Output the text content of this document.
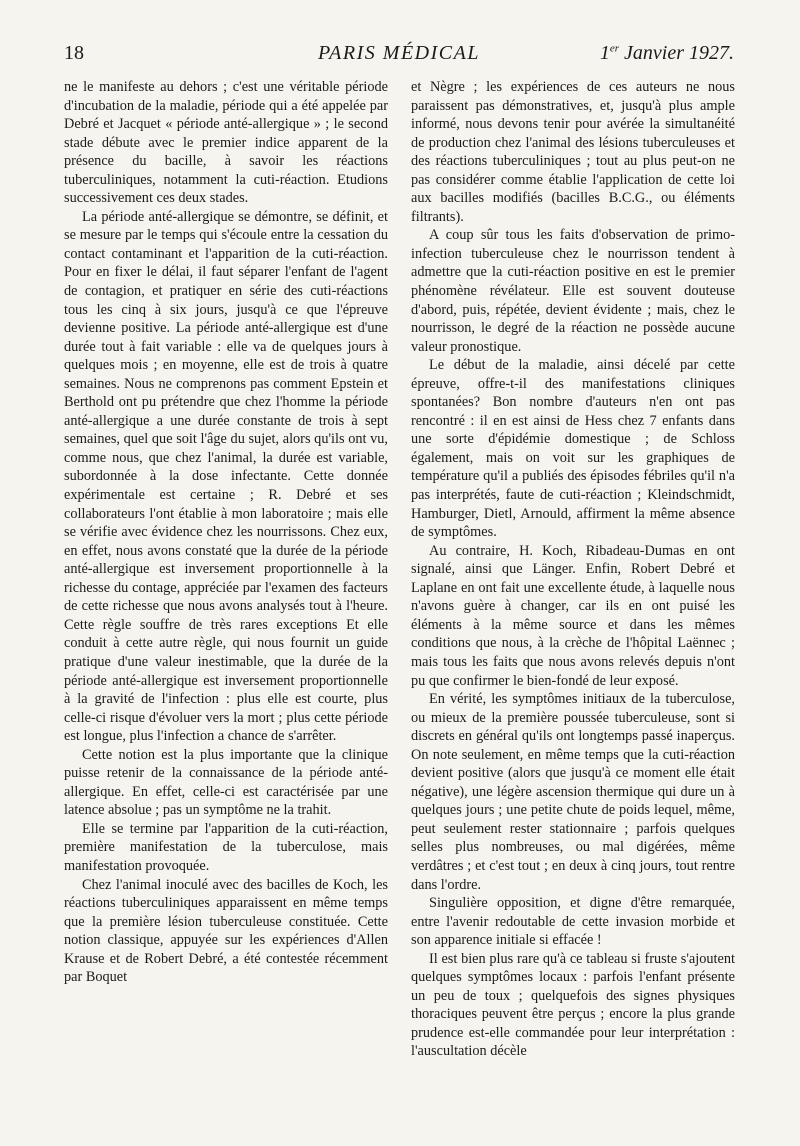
18	PARIS MÉDICAL	1er Janvier 1927.

ne le manifeste au dehors ; c'est une véritable période d'incubation de la maladie, période qui a été appelée par Debré et Jacquet « période anté-allergique » ; le second stade débute avec le premier indice apparent de la présence du bacille, à savoir les réactions tuberculiniques, notamment la cuti-réaction. Etudions successivement ces deux stades.

La période anté-allergique se démontre, se définit, et se mesure par le temps qui s'écoule entre la cessation du contact contaminant et l'apparition de la cuti-réaction. Pour en fixer le délai, il faut séparer l'enfant de l'agent de contagion, et pratiquer en série des cuti-réactions tous les cinq à six jours, jusqu'à ce que l'épreuve devienne positive. La période anté-allergique est d'une durée tout à fait variable : elle va de quelques jours à quelques mois ; en moyenne, elle est de trois à quatre semaines. Nous ne comprenons pas comment Epstein et Berthold ont pu prétendre que chez l'homme la période anté-allergique a une durée constante de trois à sept semaines, quel que soit l'âge du sujet, alors qu'ils ont vu, comme nous, que chez l'animal, la durée est variable, subordonnée à la dose infectante. Cette donnée expérimentale est certaine ; R. Debré et ses collaborateurs l'ont établie à mon laboratoire ; mais elle se vérifie avec évidence chez les nourrissons. Chez eux, en effet, nous avons constaté que la durée de la période anté-allergique est inversement proportionnelle à la richesse du contage, appréciée par l'examen des facteurs de cette richesse que nous avons analysés tout à l'heure. Cette règle souffre de très rares exceptions Et elle conduit à cette autre règle, qui nous fournit un guide pratique d'une valeur inestimable, que la durée de la période anté-allergique est inversement proportionnelle à la gravité de l'infection : plus elle est courte, plus celle-ci risque d'évoluer vers la mort ; plus cette période est longue, plus l'infection a chance de s'arrêter.

Cette notion est la plus importante que la clinique puisse retenir de la connaissance de la période anté-allergique. En effet, celle-ci est caractérisée par une latence absolue ; pas un symptôme ne la trahit.

Elle se termine par l'apparition de la cuti-réaction, première manifestation de la tuberculose, mais manifestation provoquée.

Chez l'animal inoculé avec des bacilles de Koch, les réactions tuberculiniques apparaissent en même temps que la première lésion tuberculeuse constituée. Cette notion classique, appuyée sur les expériences d'Allen Krause et de Robert Debré, a été contestée récemment par Boquet

et Nègre ; les expériences de ces auteurs ne nous paraissent pas démonstratives, et, jusqu'à plus ample informé, nous devons tenir pour avérée la simultanéité de production chez l'animal des lésions tuberculeuses et des réactions tuberculiniques ; tout au plus peut-on ne pas considérer comme établie l'application de cette loi aux bacilles modifiés (bacilles B.C.G., ou éléments filtrants).

A coup sûr tous les faits d'observation de primo-infection tuberculeuse chez le nourrisson tendent à admettre que la cuti-réaction positive en est le premier phénomène révélateur. Elle est souvent douteuse d'abord, puis, répétée, devient évidente ; mais, chez le nourrisson, le degré de la réaction ne possède aucune valeur pronostique.

Le début de la maladie, ainsi décelé par cette épreuve, offre-t-il des manifestations cliniques spontanées? Bon nombre d'auteurs n'en ont pas rencontré : il en est ainsi de Hess chez 7 enfants dans une sorte d'épidémie domestique ; de Schloss également, mais on voit sur les graphiques de température qu'il a publiés des épisodes fébriles qu'il n'a pas interprétés, faute de cuti-réaction ; Kleindschmidt, Hamburger, Dietl, Arnould, affirment la même absence de symptômes.

Au contraire, H. Koch, Ribadeau-Dumas en ont signalé, ainsi que Länger. Enfin, Robert Debré et Laplane en ont fait une excellente étude, à laquelle nous n'avons guère à changer, car ils en ont puisé les éléments à la même source et dans les mêmes conditions que nous, à la crèche de l'hôpital Laënnec ; mais tous les faits que nous avons relevés depuis n'ont pu que confirmer le bien-fondé de leur exposé.

En vérité, les symptômes initiaux de la tuberculose, ou mieux de la première poussée tuberculeuse, sont si discrets en général qu'ils ont longtemps passé inaperçus. On note seulement, en même temps que la cuti-réaction devient positive (alors que jusqu'à ce moment elle était négative), une légère ascension thermique qui dure un à quelques jours ; une petite chute de poids lequel, même, peut seulement rester stationnaire ; parfois quelques selles plus nombreuses, ou mal digérées, même verdâtres ; et c'est tout ; en deux à cinq jours, tout rentre dans l'ordre.

Singulière opposition, et digne d'être remarquée, entre l'avenir redoutable de cette invasion morbide et son apparence initiale si effacée !

Il est bien plus rare qu'à ce tableau si fruste s'ajoutent quelques symptômes locaux : parfois l'enfant présente un peu de toux ; quelquefois des signes physiques thoraciques peuvent être perçus ; encore la plus grande prudence est-elle commandée pour leur interprétation : l'auscultation décèle
